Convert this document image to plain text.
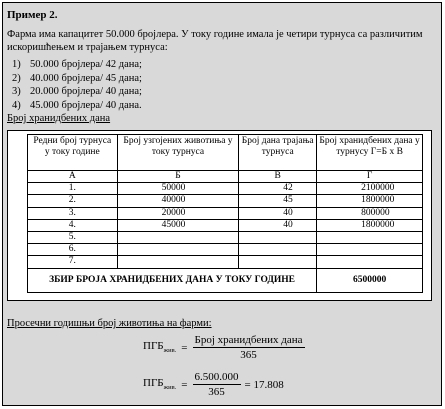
Пример 2.
Фарма има капацитет 50.000 бројлера. У току године имала је четири турнуса са различитим искоришћењем и трајањем турнуса:
1) 50.000 бројлера/ 42 дана;
2) 40.000 бројлера/ 45 дана;
3) 20.000 бројлера/ 40 дана;
4) 45.000 бројлера/ 40 дана.
Број хранидбених дана
Редни број турнуса у току године	Број узгојених животиња у току турнуса	Број дана трајања турнуса	Број хранидбених дана у турнусу Г=Б x В
А	Б	В	Г
1.	50000	42	2100000
2.	40000	45	1800000
3.	20000	40	800000
4.	45000	40	1800000
5.			
6.			
7.			
ЗБИР БРОЈА ХРАНИДБЕНИХ ДАНА У ТОКУ ГОДИНЕ			6500000
Просечни годишњи број животиња на фарми:
$ПГБ_{жив.} = \frac{\text{Број хранидбених дана}}{365}$
$ПГБ_{жив.} = \frac{6.500.000}{365} = 17.808$
